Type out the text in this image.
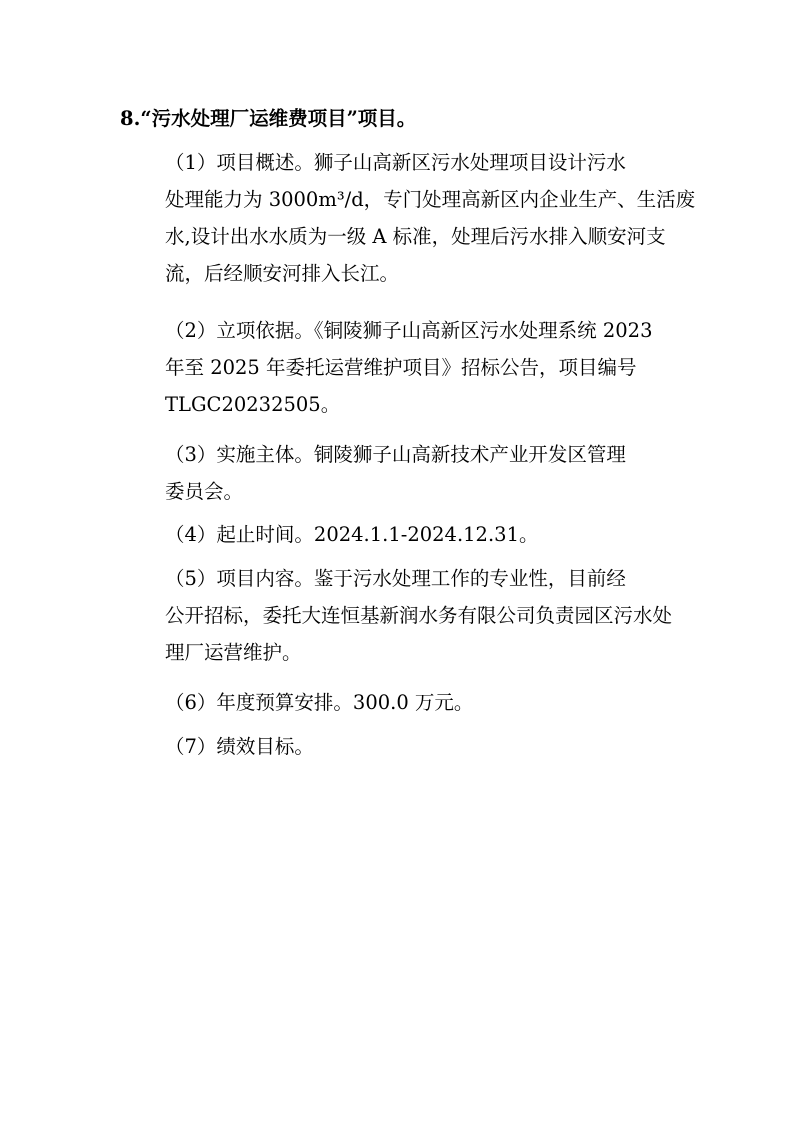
8.“污水处理厂运维费项目”项目。

（1）项目概述。狮子山高新区污水处理项目设计污水
处理能力为 3000m³/d，专门处理高新区内企业生产、生活废
水,设计出水水质为一级 A 标准，处理后污水排入顺安河支
流，后经顺安河排入长江。

（2）立项依据。《铜陵狮子山高新区污水处理系统 2023
年至 2025 年委托运营维护项目》招标公告，项目编号
TLGC20232505。

（3）实施主体。铜陵狮子山高新技术产业开发区管理
委员会。

（4）起止时间。2024.1.1-2024.12.31。

（5）项目内容。鉴于污水处理工作的专业性，目前经
公开招标，委托大连恒基新润水务有限公司负责园区污水处
理厂运营维护。

（6）年度预算安排。300.0 万元。

（7）绩效目标。
